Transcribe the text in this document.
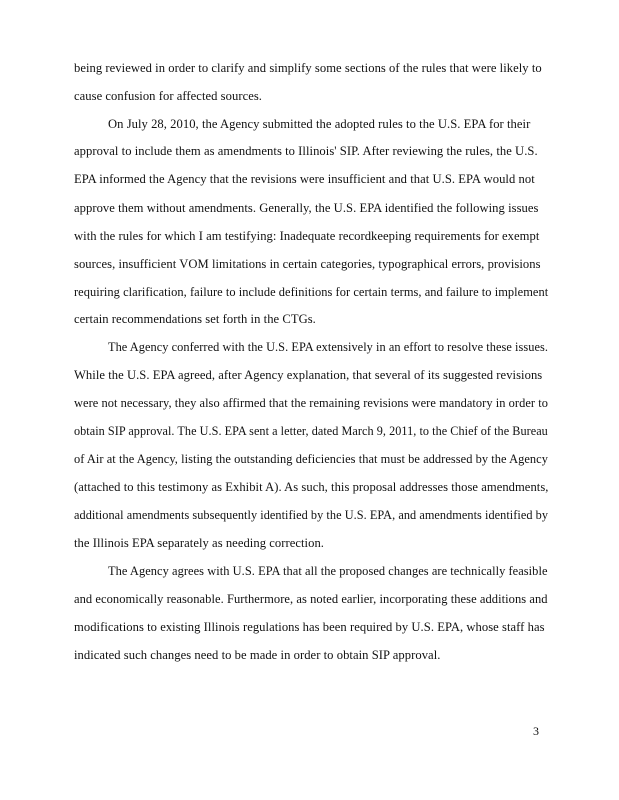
being reviewed in order to clarify and simplify some sections of the rules that were likely to
cause confusion for affected sources.
On July 28, 2010, the Agency submitted the adopted rules to the U.S. EPA for their
approval to include them as amendments to Illinois' SIP. After reviewing the rules, the U.S.
EPA informed the Agency that the revisions were insufficient and that U.S. EPA would not
approve them without amendments. Generally, the U.S. EPA identified the following issues
with the rules for which I am testifying: Inadequate recordkeeping requirements for exempt
sources, insufficient VOM limitations in certain categories, typographical errors, provisions
requiring clarification, failure to include definitions for certain terms, and failure to implement
certain recommendations set forth in the CTGs.
The Agency conferred with the U.S. EPA extensively in an effort to resolve these issues.
While the U.S. EPA agreed, after Agency explanation, that several of its suggested revisions
were not necessary, they also affirmed that the remaining revisions were mandatory in order to
obtain SIP approval. The U.S. EPA sent a letter, dated March 9, 2011, to the Chief of the Bureau
of Air at the Agency, listing the outstanding deficiencies that must be addressed by the Agency
(attached to this testimony as Exhibit A). As such, this proposal addresses those amendments,
additional amendments subsequently identified by the U.S. EPA, and amendments identified by
the Illinois EPA separately as needing correction.
The Agency agrees with U.S. EPA that all the proposed changes are technically feasible
and economically reasonable. Furthermore, as noted earlier, incorporating these additions and
modifications to existing Illinois regulations has been required by U.S. EPA, whose staff has
indicated such changes need to be made in order to obtain SIP approval.
3
